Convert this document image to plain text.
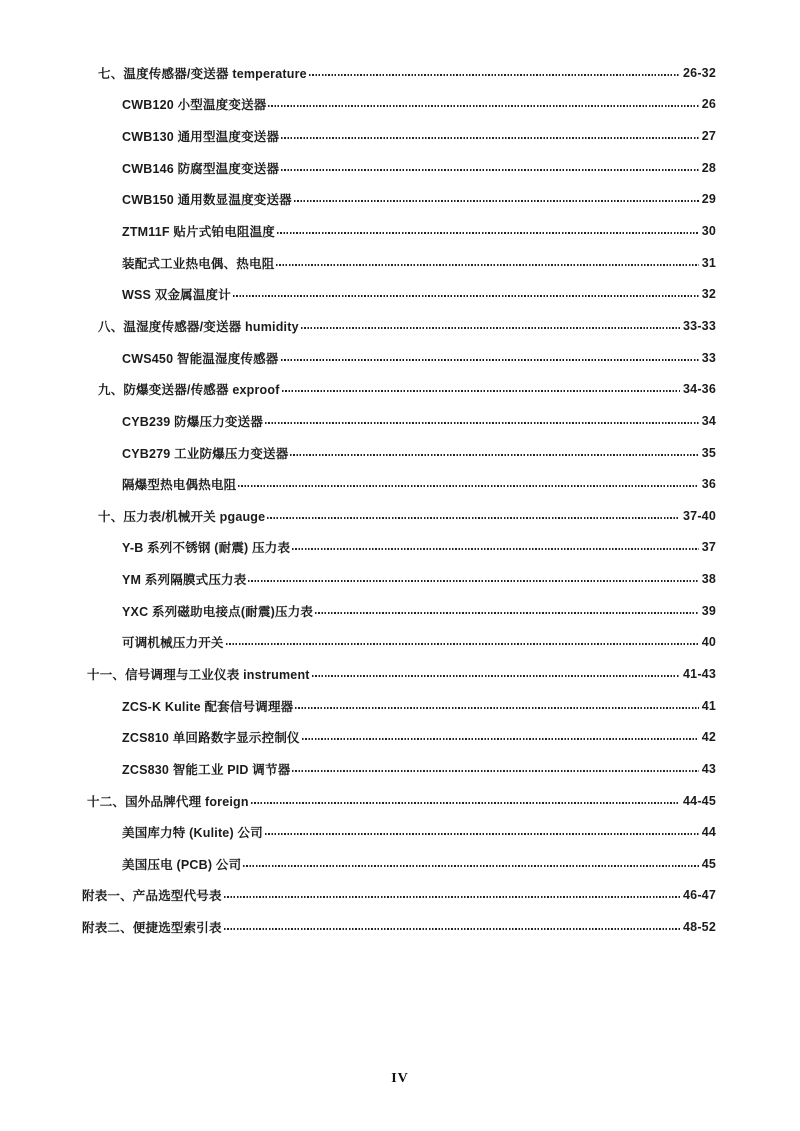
七、温度传感器/变送器 temperature	26-32
CWB120 小型温度变送器	26
CWB130 通用型温度变送器	27
CWB146 防腐型温度变送器	28
CWB150 通用数显温度变送器	29
ZTM11F 贴片式铂电阻温度	30
装配式工业热电偶、热电阻	31
WSS 双金属温度计	32
八、温湿度传感器/变送器 humidity	33-33
CWS450 智能温湿度传感器	33
九、防爆变送器/传感器 exproof	34-36
CYB239 防爆压力变送器	34
CYB279 工业防爆压力变送器	35
隔爆型热电偶热电阻	36
十、压力表/机械开关 pgauge	37-40
Y-B 系列不锈钢 (耐震) 压力表	37
YM 系列隔膜式压力表	38
YXC 系列磁助电接点(耐震)压力表	39
可调机械压力开关	40
十一、信号调理与工业仪表 instrument	41-43
ZCS-K Kulite 配套信号调理器	41
ZCS810 单回路数字显示控制仪	42
ZCS830 智能工业 PID 调节器	43
十二、国外品牌代理 foreign	44-45
美国库力特 (Kulite) 公司	44
美国压电 (PCB) 公司	45
附表一、产品选型代号表	46-47
附表二、便捷选型索引表	48-52
IV
